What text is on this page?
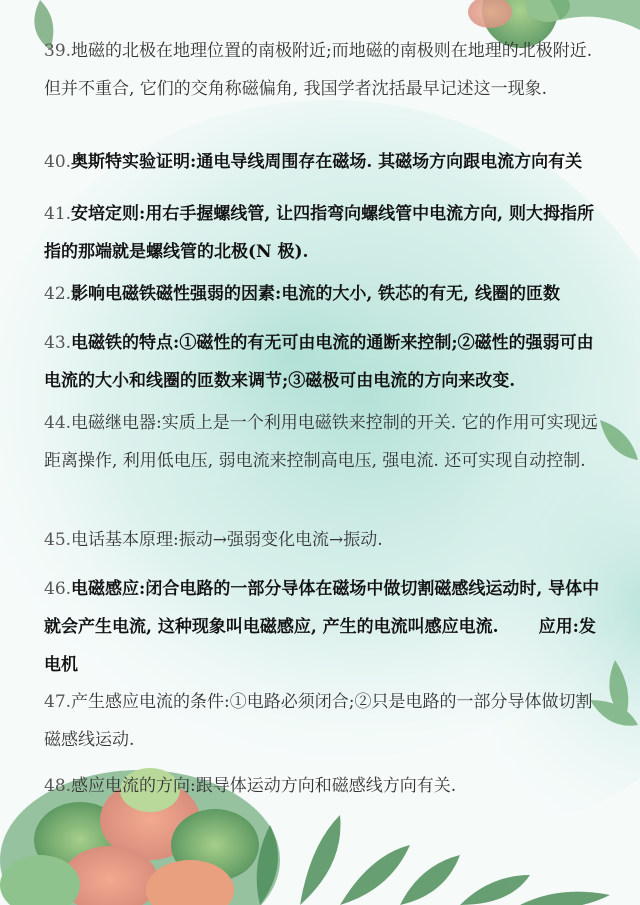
39.地磁的北极在地理位置的南极附近;而地磁的南极则在地理的北极附近. 但并不重合, 它们的交角称磁偏角, 我国学者沈括最早记述这一现象.
40.奥斯特实验证明:通电导线周围存在磁场. 其磁场方向跟电流方向有关
41.安培定则:用右手握螺线管, 让四指弯向螺线管中电流方向, 则大拇指所指的那端就是螺线管的北极(N 极).
42.影响电磁铁磁性强弱的因素:电流的大小, 铁芯的有无, 线圈的匝数
43.电磁铁的特点:①磁性的有无可由电流的通断来控制;②磁性的强弱可由电流的大小和线圈的匝数来调节;③磁极可由电流的方向来改变.
44.电磁继电器:实质上是一个利用电磁铁来控制的开关. 它的作用可实现远距离操作, 利用低电压, 弱电流来控制高电压, 强电流. 还可实现自动控制.
45.电话基本原理:振动→强弱变化电流→振动.
46.电磁感应:闭合电路的一部分导体在磁场中做切割磁感线运动时, 导体中就会产生电流, 这种现象叫电磁感应, 产生的电流叫感应电流. 应用:发电机
47.产生感应电流的条件:①电路必须闭合;②只是电路的一部分导体做切割磁感线运动.
48.感应电流的方向:跟导体运动方向和磁感线方向有关.
